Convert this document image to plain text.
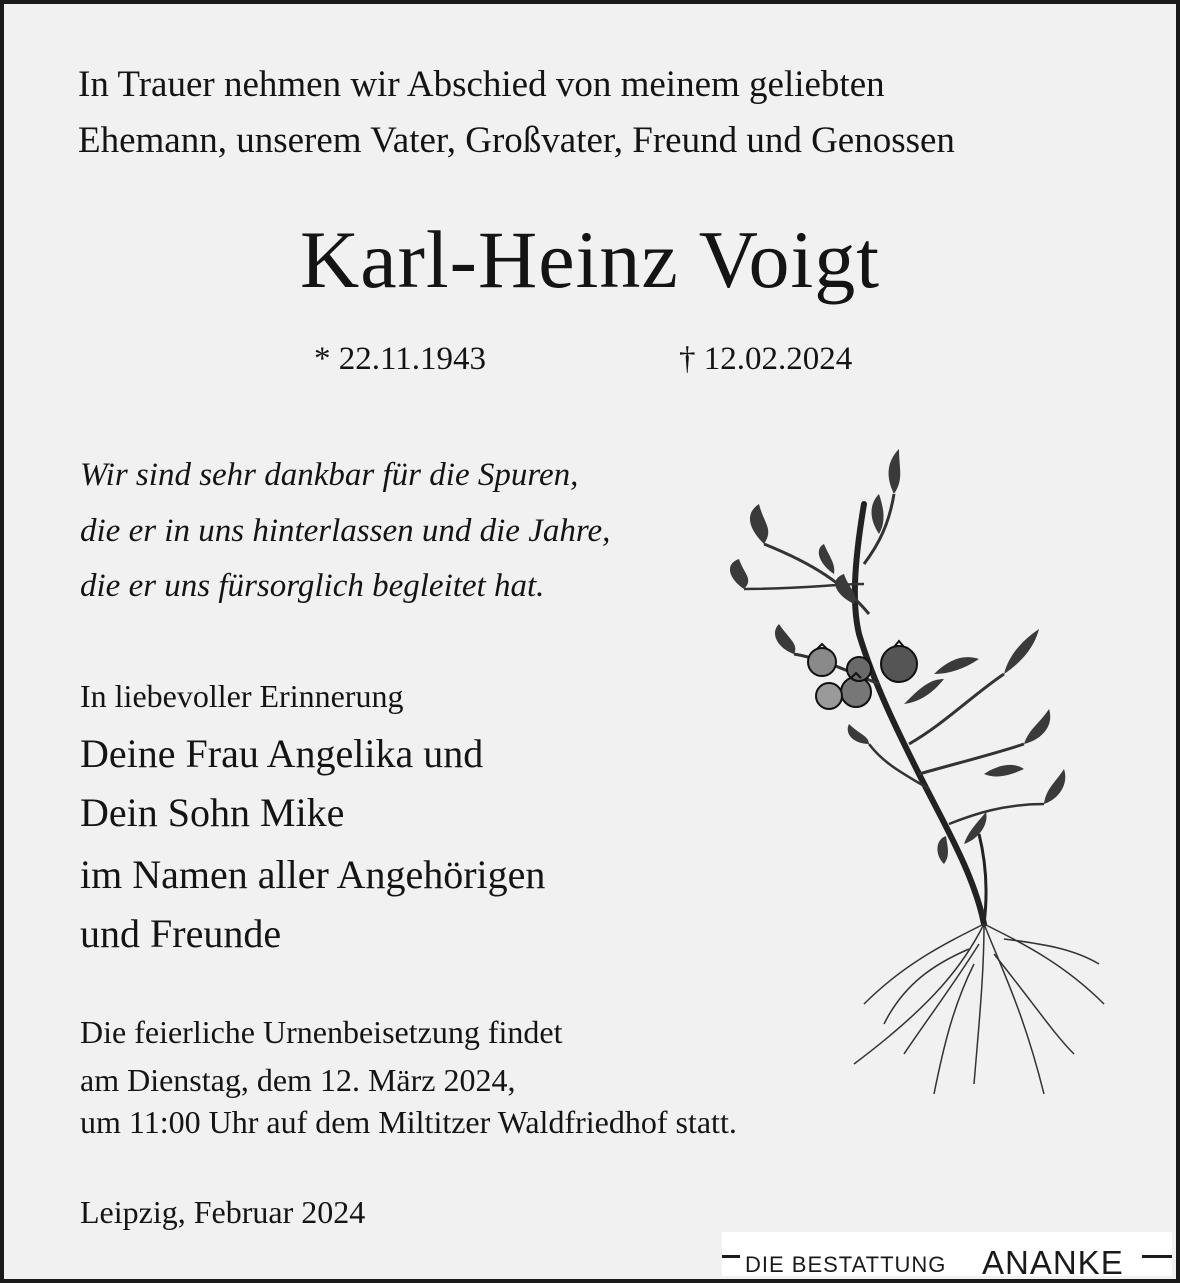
In Trauer nehmen wir Abschied von meinem geliebten
Ehemann, unserem Vater, Großvater, Freund und Genossen
Karl-Heinz Voigt
* 22.11.1943	† 12.02.2024
Wir sind sehr dankbar für die Spuren,
die er in uns hinterlassen und die Jahre,
die er uns fürsorglich begleitet hat.
In liebevoller Erinnerung
Deine Frau Angelika und
Dein Sohn Mike
im Namen aller Angehörigen
und Freunde
Die feierliche Urnenbeisetzung findet
am Dienstag, dem 12. März 2024,
um 11:00 Uhr auf dem Miltitzer Waldfriedhof statt.
Leipzig, Februar 2024
DIE BESTATTUNG ANANKE
